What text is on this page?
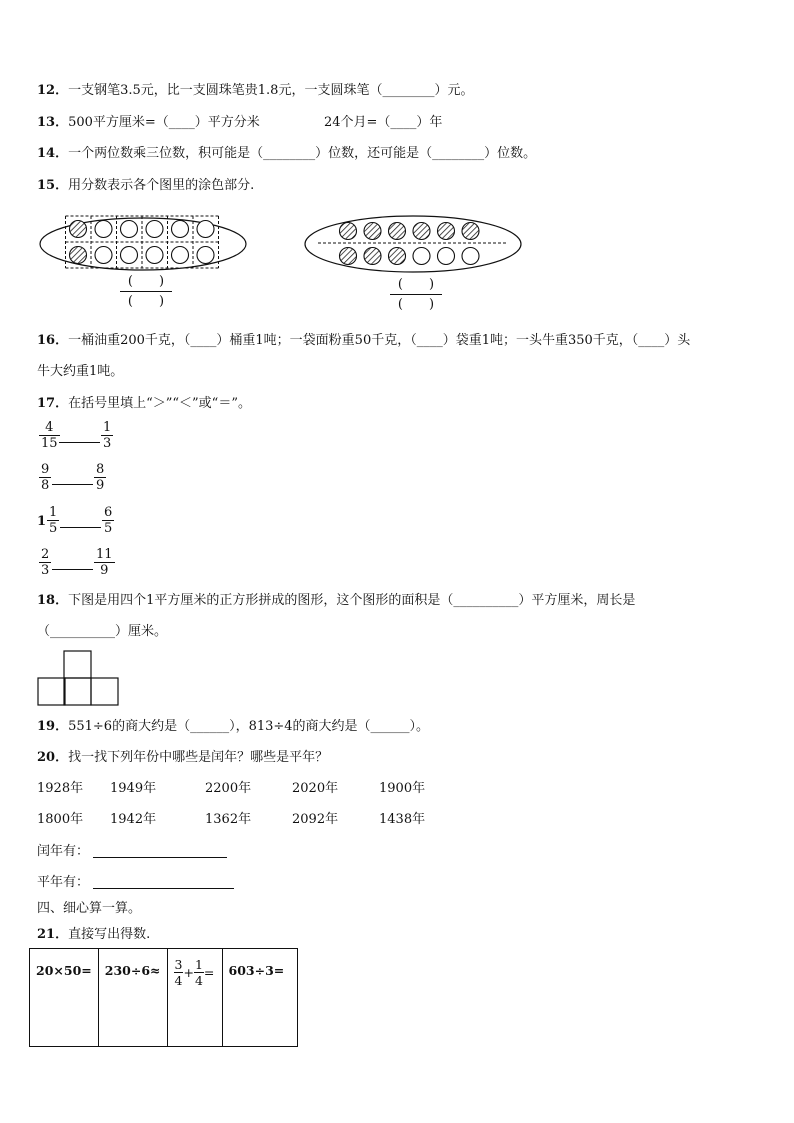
12．一支钢笔3.5元，比一支圆珠笔贵1.8元，一支圆珠笔（________）元。
13．500平方厘米=（____）平方分米	24个月=（____）年
14．一个两位数乘三位数，积可能是（________）位数，还可能是（________）位数。
15．用分数表示各个图里的涂色部分.
(　　)
(　　)
(　　)
(　　)
16．一桶油重200千克，（____）桶重1吨；一袋面粉重50千克，（____）袋重1吨；一头牛重350千克，（____）头
牛大约重1吨。
17．在括号里填上“＞”“＜”或“＝”。
$\frac{4}{15}$	$\frac{1}{3}$
$\frac{9}{8}$	$\frac{8}{9}$
$1 \frac{1}{5}$	$\frac{6}{5}$
$\frac{2}{3}$	$\frac{11}{9}$
18．下图是用四个1平方厘米的正方形拼成的图形，这个图形的面积是（__________）平方厘米，周长是
（__________）厘米。
19．551÷6的商大约是（______），813÷4的商大约是（______）。
20．找一找下列年份中哪些是闰年？哪些是平年？
1928年 1949年	2200年	2020年	1900年
1800年 1942年	1362年	2092年	1438年
闰年有：
平年有：
四、细心算一算。
21．直接写出得数.
20×50=	230÷6≈	$\frac{3}{4} + \frac{1}{4}$ =	603÷3=
